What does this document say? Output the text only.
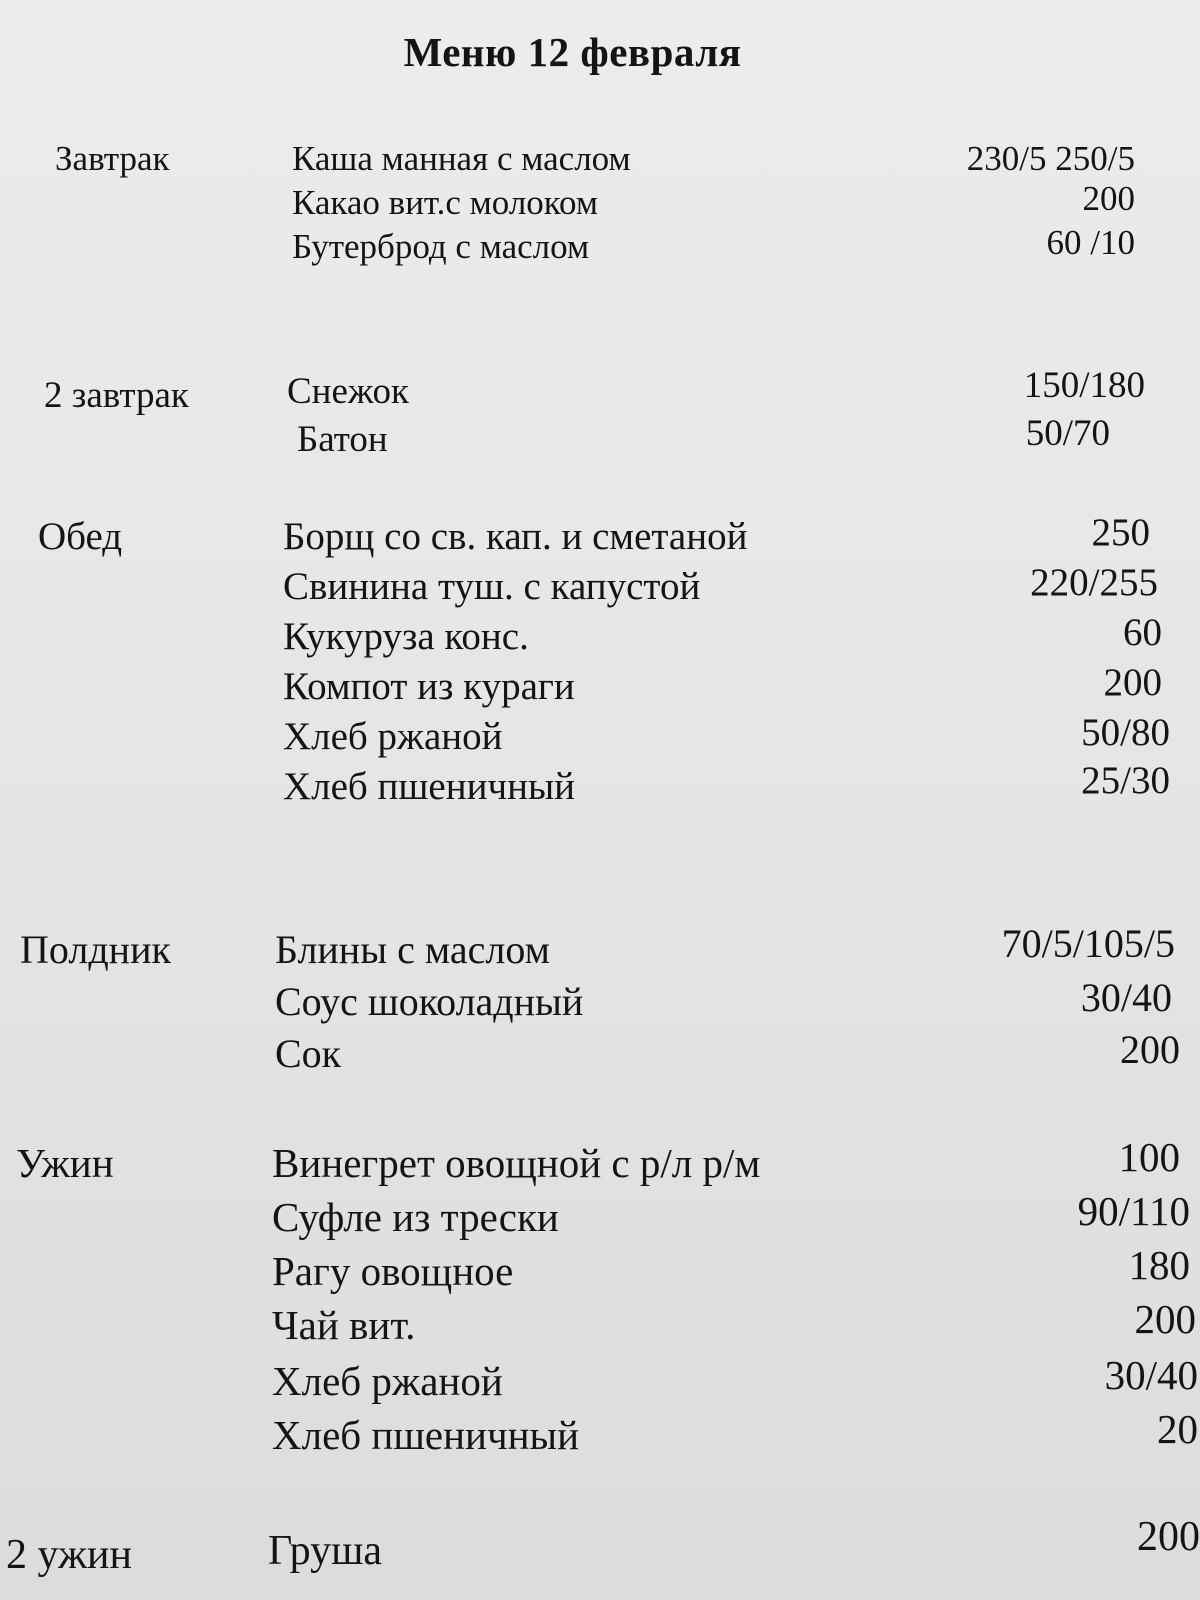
Меню 12 февраля
Завтрак	Каша манная с маслом	230/5 250/5
Какао вит.с молоком	200
Бутерброд с маслом	60 /10
2 завтрак	Снежок	150/180
Батон	50/70
Обед	Борщ со св. кап. и сметаной	250
Свинина туш. с капустой	220/255
Кукуруза конс.	60
Компот из кураги	200
Хлеб ржаной	50/80
Хлеб пшеничный	25/30
Полдник	Блины с маслом	70/5/105/5
Соус шоколадный	30/40
Сок	200
Ужин	Винегрет овощной с р/л р/м	100
Суфле из трески	90/110
Рагу овощное	180
Чай вит.	200
Хлеб ржаной	30/40
Хлеб пшеничный	20
2 ужин	Груша	200
